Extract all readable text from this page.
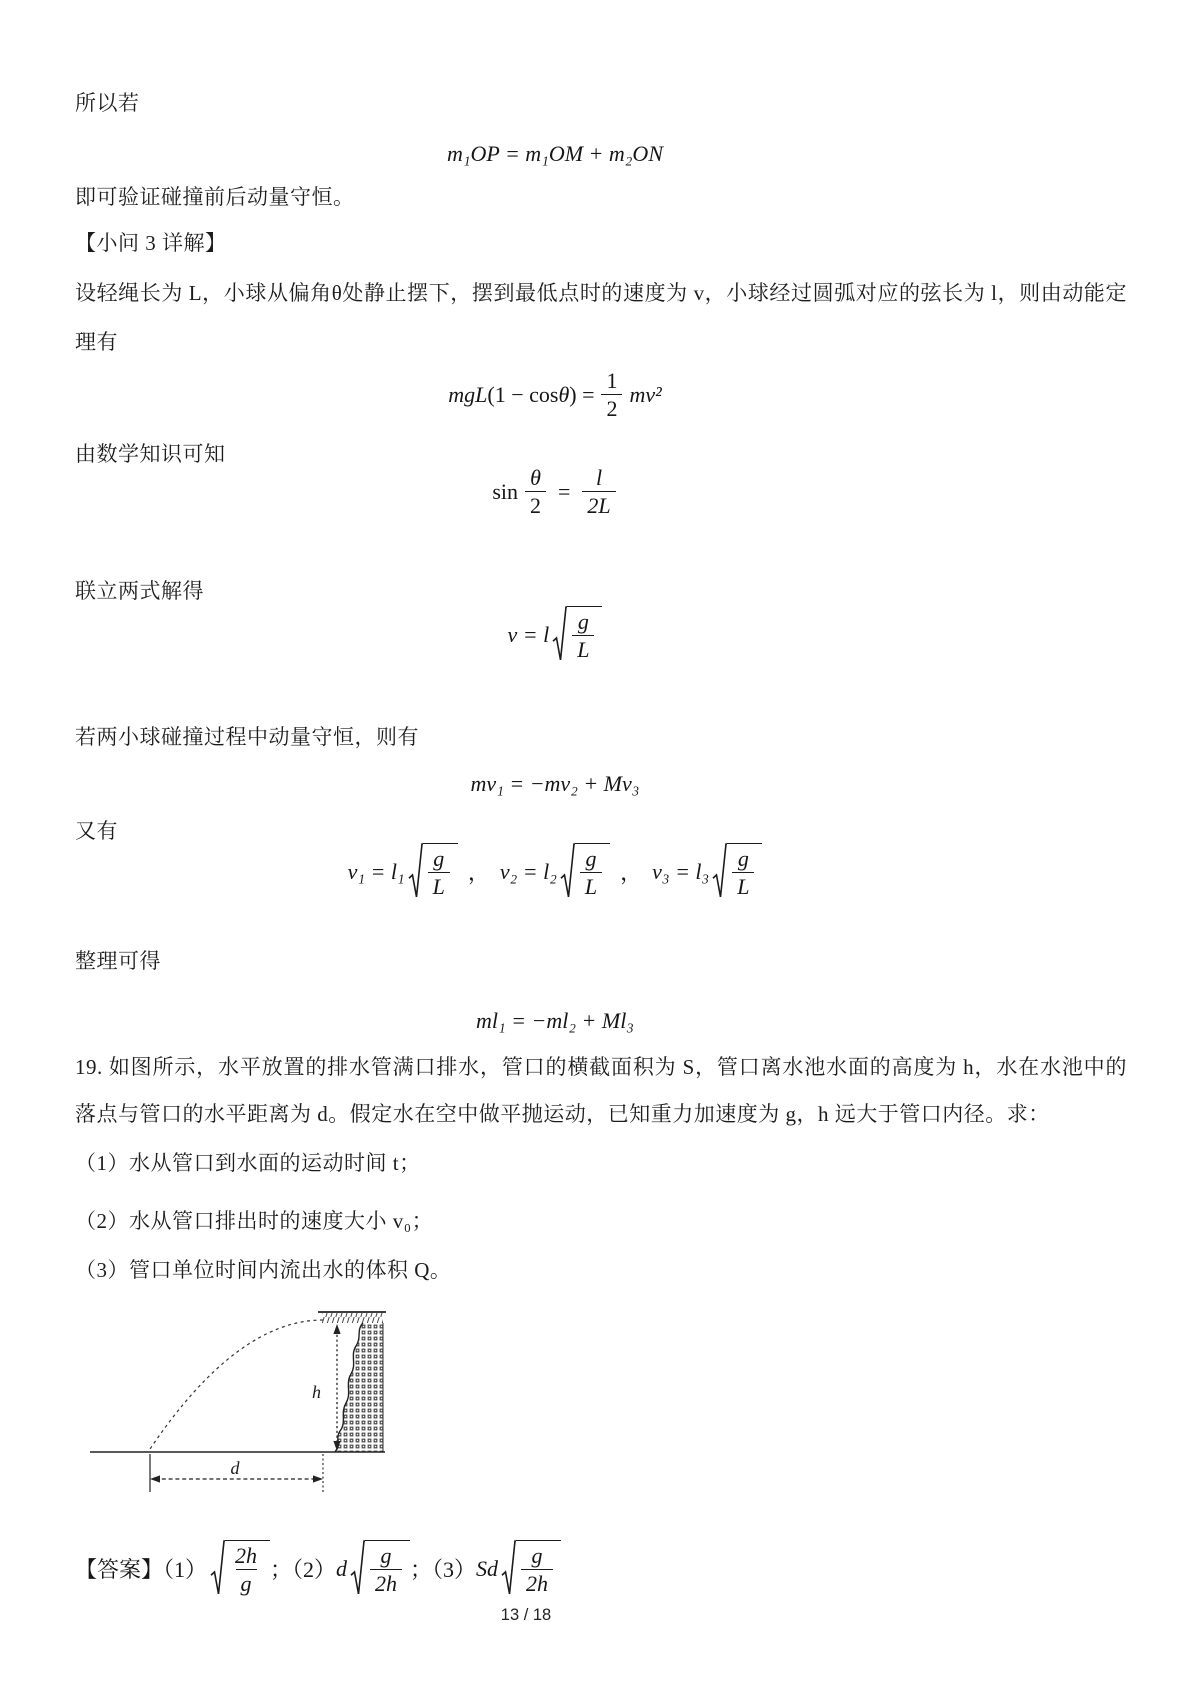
所以若
m₁OP = m₁OM + m₂ON
即可验证碰撞前后动量守恒。
【小问 3 详解】
设轻绳长为 L，小球从偏角θ处静止摆下，摆到最低点时的速度为 v，小球经过圆弧对应的弦长为 l，则由动能定
理有
mgL (1 − cos θ ) = $\frac{1}{2} mv^2$
由数学知识可知
$\sin \frac{\theta}{2} = \frac{l}{2L}$
联立两式解得
v = l $\frac{g}{L}$
若两小球碰撞过程中动量守恒，则有
mv₁ = −mv₂ + Mv₃
又有
$v_1 = l_1 \frac{g}{L}$ ， $v_2 = l_2 \frac{g}{L}$ ， $v_3 = l_3 \frac{g}{L}$
整理可得
ml₁ = −ml₂ + Ml₃
19. 如图所示，水平放置的排水管满口排水，管口的横截面积为 S，管口离水池水面的高度为 h，水在水池中的
落点与管口的水平距离为 d。假定水在空中做平抛运动，已知重力加速度为 g，h 远大于管口内径。求：
（1）水从管口到水面的运动时间 t；
（2）水从管口排出时的速度大小 v₀；
（3）管口单位时间内流出水的体积 Q。
h
d
【答案】$(1) \frac{2h}{g}$ ；（2） d $\frac{g}{2h}$ ；（3） Sd $\frac{g}{2h}$
13 / 18
